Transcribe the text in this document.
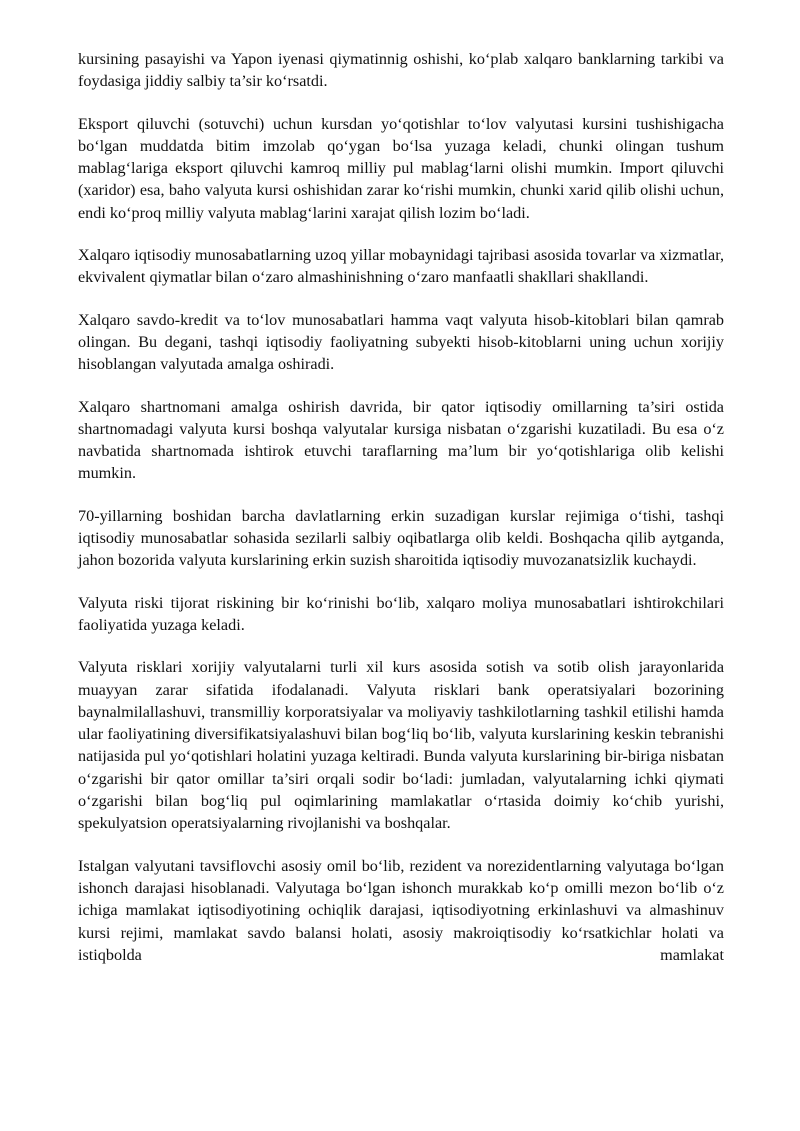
kursining pasayishi va Yapon iyenasi qiymatinnig oshishi, ko‘plab xalqaro banklarning tarkibi va foydasiga jiddiy salbiy ta’sir ko‘rsatdi.

Eksport qiluvchi (sotuvchi) uchun kursdan yo‘qotishlar to‘lov valyutasi kursini tushishigacha bo‘lgan muddatda bitim imzolab qo‘ygan bo‘lsa yuzaga keladi, chunki olingan tushum mablag‘lariga eksport qiluvchi kamroq milliy pul mablag‘larni olishi mumkin. Import qiluvchi (xaridor) esa, baho valyuta kursi oshishidan zarar ko‘rishi mumkin, chunki xarid qilib olishi uchun, endi ko‘proq milliy valyuta mablag‘larini xarajat qilish lozim bo‘ladi.

Xalqaro iqtisodiy munosabatlarning uzoq yillar mobaynidagi tajribasi asosida tovarlar va xizmatlar, ekvivalent qiymatlar bilan o‘zaro almashinishning o‘zaro manfaatli shakllari shakllandi.

Xalqaro savdo-kredit va to‘lov munosabatlari hamma vaqt valyuta hisob-kitoblari bilan qamrab olingan. Bu degani, tashqi iqtisodiy faoliyatning subyekti hisob-kitoblarni uning uchun xorijiy hisoblangan valyutada amalga oshiradi.

Xalqaro shartnomani amalga oshirish davrida, bir qator iqtisodiy omillarning ta’siri ostida shartnomadagi valyuta kursi boshqa valyutalar kursiga nisbatan o‘zgarishi kuzatiladi. Bu esa o‘z navbatida shartnomada ishtirok etuvchi taraflarning ma’lum bir yo‘qotishlariga olib kelishi mumkin.

70-yillarning boshidan barcha davlatlarning erkin suzadigan kurslar rejimiga o‘tishi, tashqi iqtisodiy munosabatlar sohasida sezilarli salbiy oqibatlarga olib keldi. Boshqacha qilib aytganda, jahon bozorida valyuta kurslarining erkin suzish sharoitida iqtisodiy muvozanatsizlik kuchaydi.

Valyuta riski tijorat riskining bir ko‘rinishi bo‘lib, xalqaro moliya munosabatlari ishtirokchilari faoliyatida yuzaga keladi.

Valyuta risklari xorijiy valyutalarni turli xil kurs asosida sotish va sotib olish jarayonlarida muayyan zarar sifatida ifodalanadi. Valyuta risklari bank operatsiyalari bozorining baynalmilallashuvi, transmilliy korporatsiyalar va moliyaviy tashkilotlarning tashkil etilishi hamda ular faoliyatining diversifikatsiyalashuvi bilan bog‘liq bo‘lib, valyuta kurslarining keskin tebranishi natijasida pul yo‘qotishlari holatini yuzaga keltiradi. Bunda valyuta kurslarining bir-biriga nisbatan o‘zgarishi bir qator omillar ta’siri orqali sodir bo‘ladi: jumladan, valyutalarning ichki qiymati o‘zgarishi bilan bog‘liq pul oqimlarining mamlakatlar o‘rtasida doimiy ko‘chib yurishi, spekulyatsion operatsiyalarning rivojlanishi va boshqalar.

Istalgan valyutani tavsiflovchi asosiy omil bo‘lib, rezident va norezidentlarning valyutaga bo‘lgan ishonch darajasi hisoblanadi. Valyutaga bo‘lgan ishonch murakkab ko‘p omilli mezon bo‘lib o‘z ichiga mamlakat iqtisodiyotining ochiqlik darajasi, iqtisodiyotning erkinlashuvi va almashinuv kursi rejimi, mamlakat savdo balansi holati, asosiy makroiqtisodiy ko‘rsatkichlar holati va istiqbolda mamlakat
